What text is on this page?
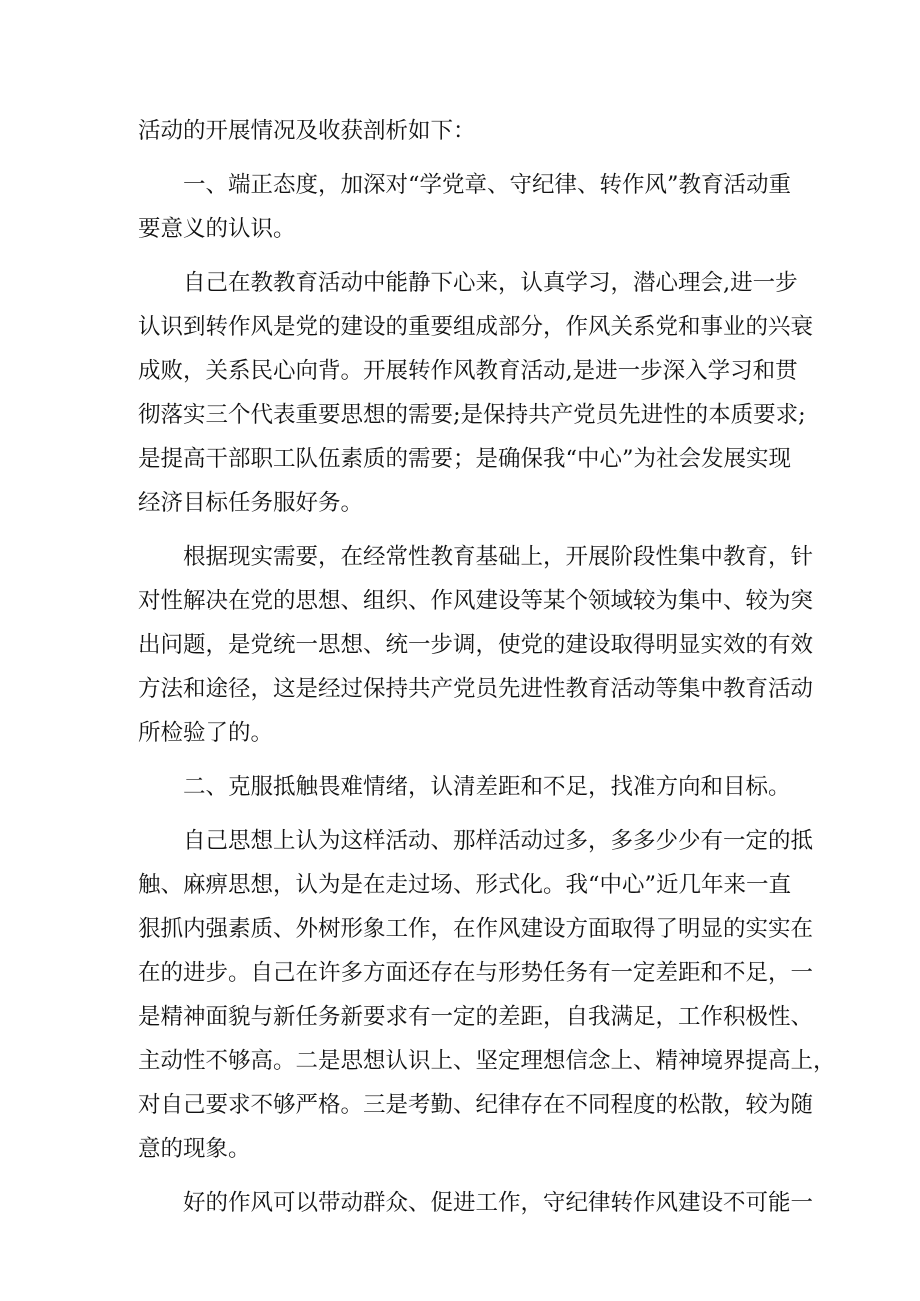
活动的开展情况及收获剖析如下：
一、端正态度，加深对“学党章、守纪律、转作风”教育活动重
要意义的认识。
自己在教教育活动中能静下心来，认真学习，潜心理会,进一步
认识到转作风是党的建设的重要组成部分，作风关系党和事业的兴衰
成败，关系民心向背。开展转作风教育活动,是进一步深入学习和贯
彻落实三个代表重要思想的需要;是保持共产党员先进性的本质要求;
是提高干部职工队伍素质的需要；是确保我“中心”为社会发展实现
经济目标任务服好务。
根据现实需要，在经常性教育基础上，开展阶段性集中教育，针
对性解决在党的思想、组织、作风建设等某个领域较为集中、较为突
出问题，是党统一思想、统一步调，使党的建设取得明显实效的有效
方法和途径，这是经过保持共产党员先进性教育活动等集中教育活动
所检验了的。
二、克服抵触畏难情绪，认清差距和不足，找准方向和目标。
自己思想上认为这样活动、那样活动过多，多多少少有一定的抵
触、麻痹思想，认为是在走过场、形式化。我“中心”近几年来一直
狠抓内强素质、外树形象工作，在作风建设方面取得了明显的实实在
在的进步。自己在许多方面还存在与形势任务有一定差距和不足，一
是精神面貌与新任务新要求有一定的差距，自我满足，工作积极性、
主动性不够高。二是思想认识上、坚定理想信念上、精神境界提高上，
对自己要求不够严格。三是考勤、纪律存在不同程度的松散，较为随
意的现象。
好的作风可以带动群众、促进工作，守纪律转作风建设不可能一
